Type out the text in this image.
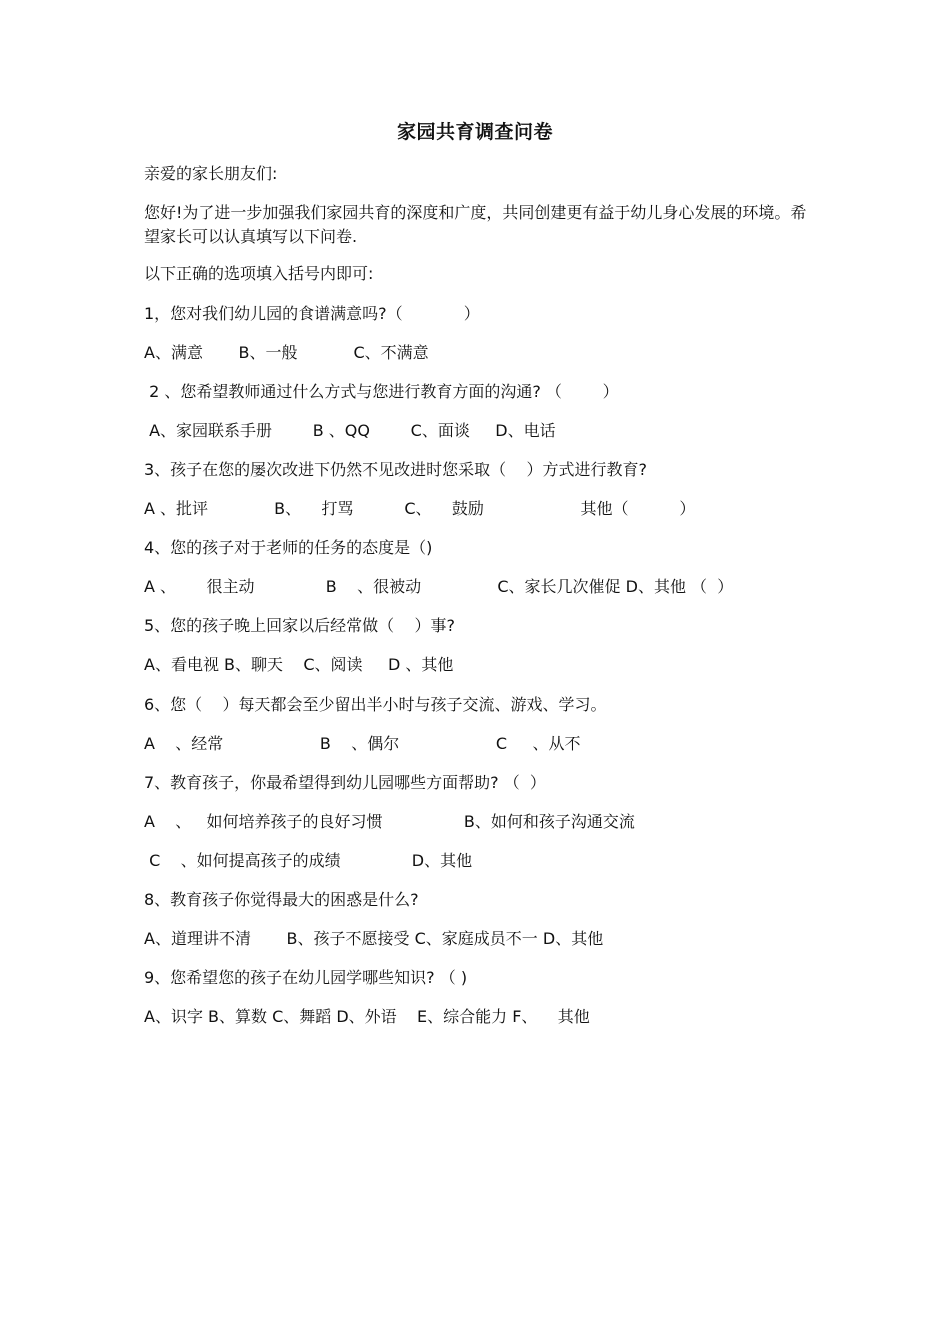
家园共育调查问卷
亲爱的家长朋友们:
您好!为了进一步加强我们家园共育的深度和广度，共同创建更有益于幼儿身心发展的环境。希望家长可以认真填写以下问卷.
以下正确的选项填入括号内即可:
1，您对我们幼儿园的食谱满意吗?（            ）
A、满意       B、一般           C、不满意
2 、您希望教师通过什么方式与您进行教育方面的沟通? （        ）
A、家园联系手册        B 、QQ        C、面谈     D、电话
3、孩子在您的屡次改进下仍然不见改进时您采取（    ）方式进行教育?
A 、批评             B、    打骂          C、    鼓励                   其他（          ）
4、您的孩子对于老师的任务的态度是（)
A 、      很主动              B    、很被动               C、家长几次催促 D、其他 （  ）
5、您的孩子晚上回家以后经常做（    ）事?
A、看电视 B、聊天    C、阅读     D 、其他
6、您（    ）每天都会至少留出半小时与孩子交流、游戏、学习。
A    、经常                   B    、偶尔                   C     、从不
7、教育孩子，你最希望得到幼儿园哪些方面帮助? （  ）
A    、   如何培养孩子的良好习惯                B、如何和孩子沟通交流
C    、如何提高孩子的成绩              D、其他
8、教育孩子你觉得最大的困惑是什么?
A、道理讲不清       B、孩子不愿接受 C、家庭成员不一 D、其他
9、您希望您的孩子在幼儿园学哪些知识? （ )
A、识字 B、算数 C、舞蹈 D、外语    E、综合能力 F、    其他
